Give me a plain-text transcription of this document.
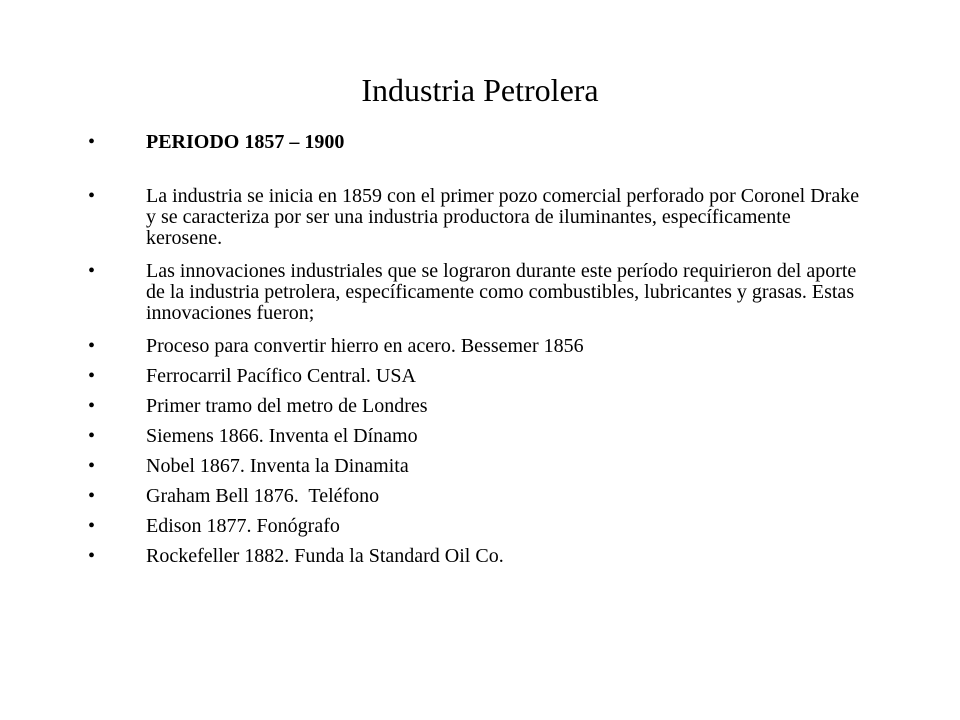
Industria Petrolera
•	PERIODO 1857 – 1900
•	La industria se inicia en 1859 con el primer pozo comercial perforado por Coronel Drake y se caracteriza por ser una industria productora de iluminantes, específicamente kerosene.
•	Las innovaciones industriales que se lograron durante este período requirieron del aporte de la industria petrolera, específicamente como combustibles, lubricantes y grasas. Estas innovaciones fueron;
•	Proceso para convertir hierro en acero. Bessemer 1856
•	Ferrocarril Pacífico Central. USA
•	Primer tramo del metro de Londres
•	Siemens 1866. Inventa el Dínamo
•	Nobel 1867. Inventa la Dinamita
•	Graham Bell 1876.  Teléfono
•	Edison 1877. Fonógrafo
•	Rockefeller 1882. Funda la Standard Oil Co.
